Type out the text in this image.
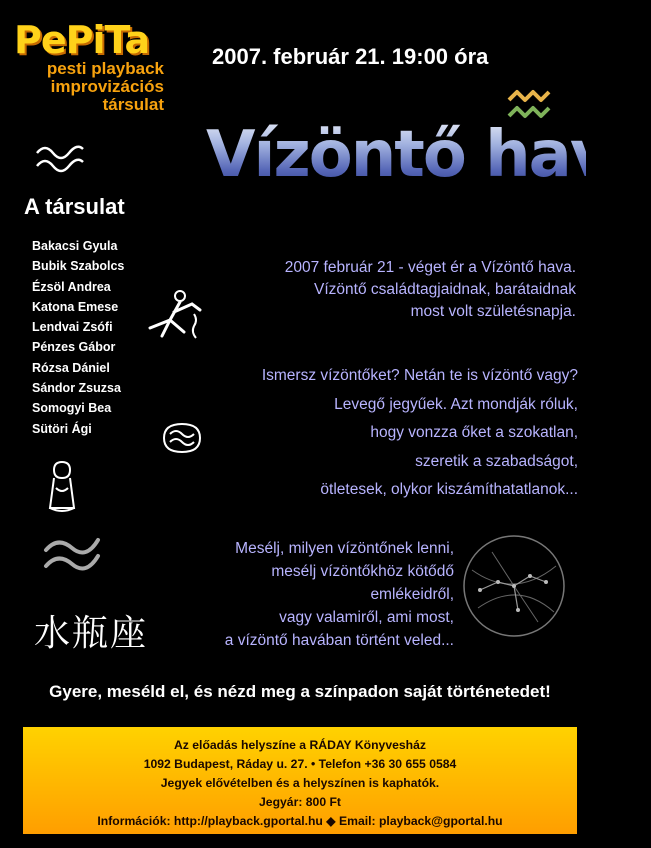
PePiTa
pesti playback
improvizációs
társulat
2007. február 21. 19:00 óra
Vízöntő hava
A társulat
Bakacsi Gyula
Bubik Szabolcs
Ézsöl Andrea
Katona Emese
Lendvai Zsófi
Pénzes Gábor
Rózsa Dániel
Sándor Zsuzsa
Somogyi Bea
Sütöri Ági
2007 február 21 - véget ér a Vízöntő hava.
Vízöntő családtagjaidnak, barátaidnak
most volt születésnapja.
Ismersz vízöntőket? Netán te is vízöntő vagy?
Levegő jegyűek. Azt mondják róluk,
hogy vonzza őket a szokatlan,
szeretik a szabadságot,
ötletesek, olykor kiszámíthatatlanok...
Mesélj, milyen vízöntőnek lenni,
mesélj vízöntőkhöz kötődő
emlékeidről,
vagy valamiről, ami most,
a vízöntő havában történt veled...
水瓶座
Gyere, meséld el, és nézd meg a színpadon saját történetedet!
Az előadás helyszíne a RÁDAY Könyvesház
1092 Budapest, Ráday u. 27. • Telefon +36 30 655 0584
Jegyek elővételben és a helyszínen is kaphatók.
Jegyár: 800 Ft
Információk: http://playback.gportal.hu ◆ Email: playback@gportal.hu
